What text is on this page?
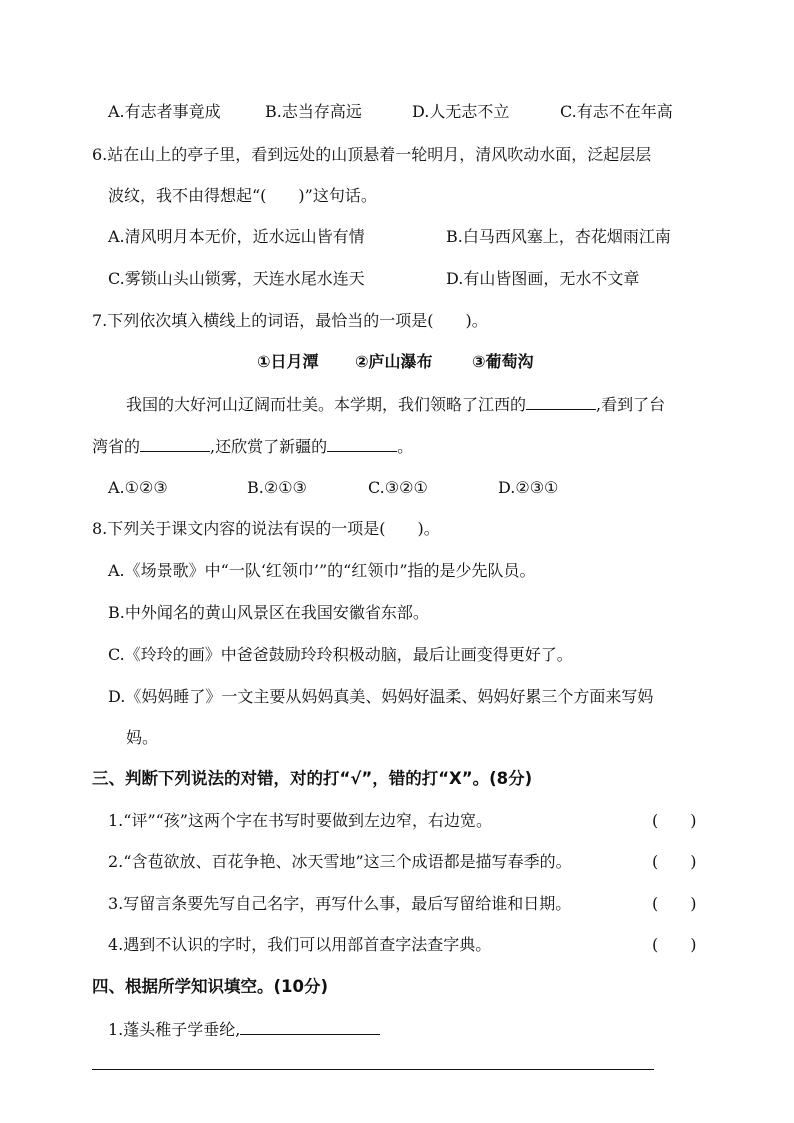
A.有志者事竟成	B.志当存高远	D.人无志不立	C.有志不在年高
6.站在山上的亭子里，看到远处的山顶悬着一轮明月，清风吹动水面，泛起层层
波纹，我不由得想起“(　　)”这句话。
A.清风明月本无价，近水远山皆有情	B.白马西风塞上，杏花烟雨江南
C.雾锁山头山锁雾，天连水尾水连天	D.有山皆图画，无水不文章
7.下列依次填入横线上的词语，最恰当的一项是(　　)。
①日月潭 ②庐山瀑布 ③葡萄沟
我国的大好河山辽阔而壮美。本学期，我们领略了江西的	,看到了台
湾省的	,还欣赏了新疆的	。
A.①②③	B.②①③	C.③②①	D.②③①
8.下列关于课文内容的说法有误的一项是(　　)。
A.《场景歌》中“一队‘红领巾’”的“红领巾”指的是少先队员。
B.中外闻名的黄山风景区在我国安徽省东部。
C.《玲玲的画》中爸爸鼓励玲玲积极动脑，最后让画变得更好了。
D.《妈妈睡了》一文主要从妈妈真美、妈妈好温柔、妈妈好累三个方面来写妈
妈。
三、判断下列说法的对错，对的打“√”，错的打“X”。(8分)
1.“评”“孩”这两个字在书写时要做到左边窄，右边宽。	(　　)
2.“含苞欲放、百花争艳、冰天雪地”这三个成语都是描写春季的。	(　　)
3.写留言条要先写自己名字，再写什么事，最后写留给谁和日期。	(　　)
4.遇到不认识的字时，我们可以用部首查字法查字典。	(　　)
四、根据所学知识填空。(10分)
1.蓬头稚子学垂纶,
